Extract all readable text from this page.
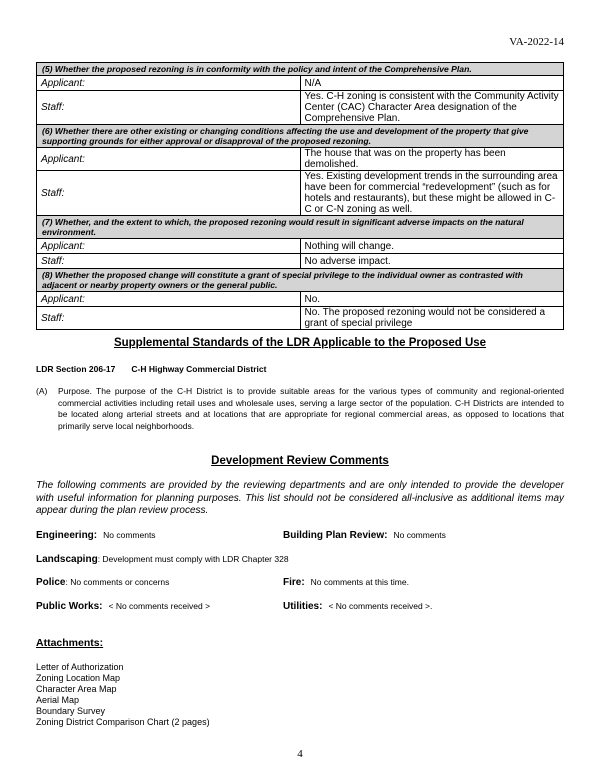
VA-2022-14
(5) Whether the proposed rezoning is in conformity with the policy and intent of the Comprehensive Plan.	
Applicant:	N/A
Staff:	Yes. C-H zoning is consistent with the Community Activity Center (CAC) Character Area designation of the Comprehensive Plan.
(6) Whether there are other existing or changing conditions affecting the use and development of the property that give supporting grounds for either approval or disapproval of the proposed rezoning.	
Applicant:	The house that was on the property has been demolished.
Staff:	Yes. Existing development trends in the surrounding area have been for commercial “redevelopment” (such as for hotels and restaurants), but these might be allowed in C-C or C-N zoning as well.
(7) Whether, and the extent to which, the proposed rezoning would result in significant adverse impacts on the natural environment.	
Applicant:	Nothing will change.
Staff:	No adverse impact.
(8) Whether the proposed change will constitute a grant of special privilege to the individual owner as contrasted with adjacent or nearby property owners or the general public.	
Applicant:	No.
Staff:	No. The proposed rezoning would not be considered a grant of special privilege
Supplemental Standards of the LDR Applicable to the Proposed Use
LDR Section 206-17 C-H Highway Commercial District
(A) Purpose. The purpose of the C-H District is to provide suitable areas for the various types of community and regional-oriented commercial activities including retail uses and wholesale uses, serving a large sector of the population. C-H Districts are intended to be located along arterial streets and at locations that are appropriate for regional commercial areas, as opposed to locations that primarily serve local neighborhoods.
Development Review Comments
The following comments are provided by the reviewing departments and are only intended to provide the developer with useful information for planning purposes. This list should not be considered all-inclusive as additional items may appear during the plan review process.
Engineering: No comments	Building Plan Review: No comments
Landscaping: Development must comply with LDR Chapter 328
Police: No comments or concerns	Fire: No comments at this time.
Public Works: < No comments received >	Utilities: < No comments received >.
Attachments:
Letter of Authorization
Zoning Location Map
Character Area Map
Aerial Map
Boundary Survey
Zoning District Comparison Chart (2 pages)
4
